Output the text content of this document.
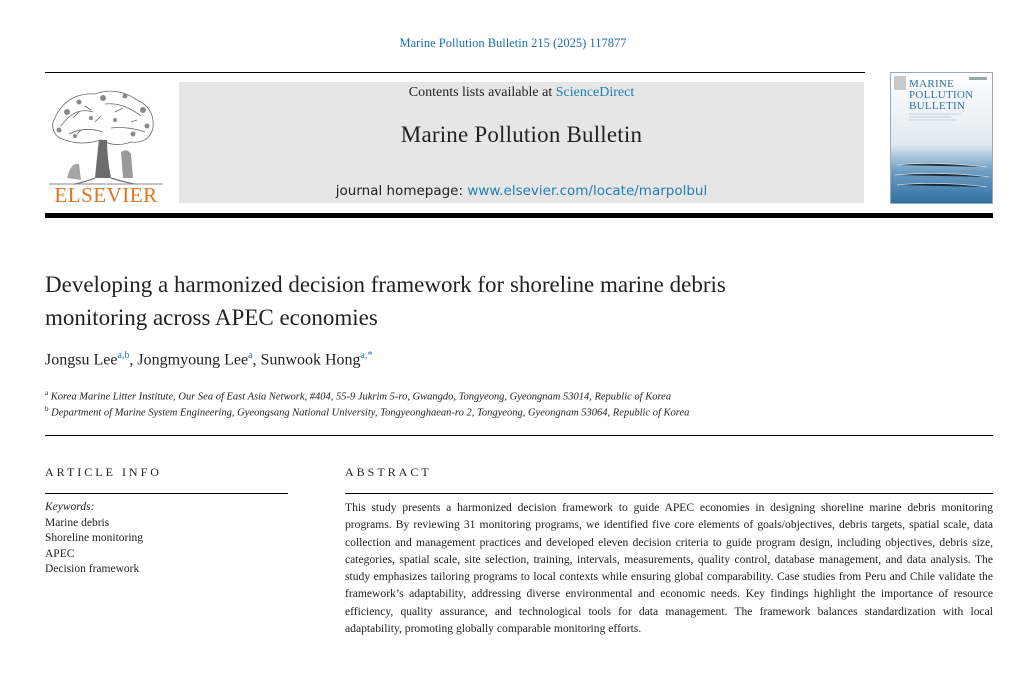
Marine Pollution Bulletin 215 (2025) 117877
ELSEVIER
Contents lists available at ScienceDirect
Marine Pollution Bulletin
journal homepage: www.elsevier.com/locate/marpolbul
MARINE
POLLUTION
BULLETIN
Developing a harmonized decision framework for shoreline marine debris
monitoring across APEC economies
Jongsu Lee$^{a,b}$, Jongmyoung Lee$^a$, Sunwook Hong$^{a,*}$
$^a$ Korea Marine Litter Institute, Our Sea of East Asia Network, #404, 55-9 Jukrim 5-ro, Gwangdo, Tongyeong, Gyeongnam 53014, Republic of Korea
$^b$ Department of Marine System Engineering, Gyeongsang National University, Tongyeonghaean-ro 2, Tongyeong, Gyeongnam 53064, Republic of Korea
ARTICLE INFO
Keywords:
Marine debris
Shoreline monitoring
APEC
Decision framework
ABSTRACT
This study presents a harmonized decision framework to guide APEC economies in designing shoreline marine debris monitoring programs. By reviewing 31 monitoring programs, we identified five core elements of goals/objectives, debris targets, spatial scale, data collection and management practices and developed eleven decision criteria to guide program design, including objectives, debris size, categories, spatial scale, site selection, training, intervals, measurements, quality control, database management, and data analysis. The study emphasizes tailoring programs to local contexts while ensuring global comparability. Case studies from Peru and Chile validate the framework’s adaptability, addressing diverse environmental and economic needs. Key findings highlight the importance of resource efficiency, quality assurance, and technological tools for data management. The framework balances standardization with local adaptability, promoting globally comparable monitoring efforts.
